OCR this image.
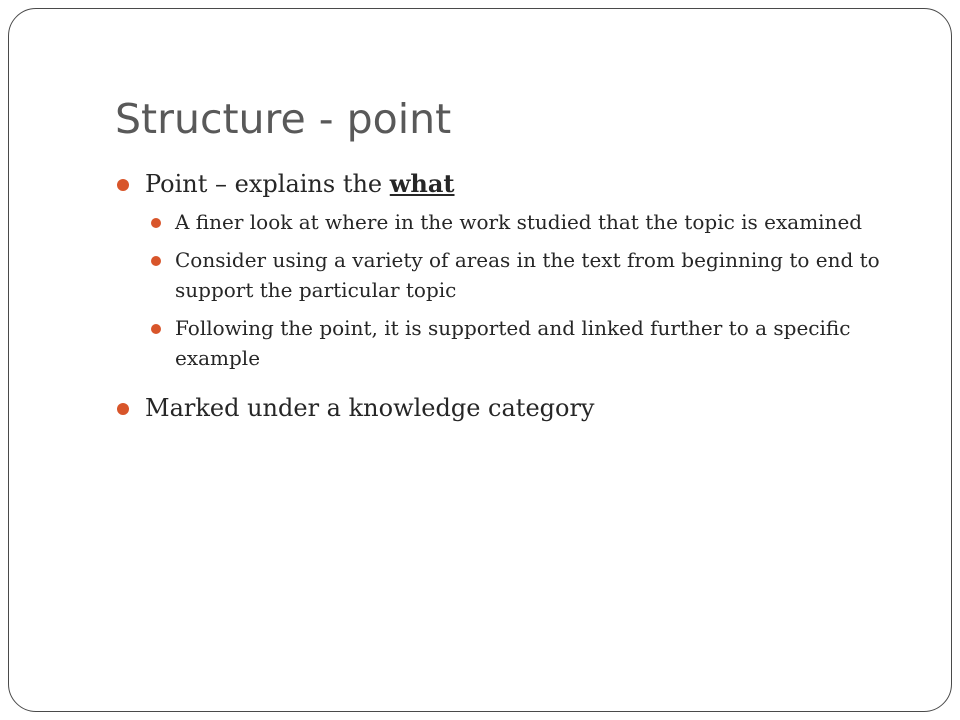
Structure - point
Point – explains the what
A finer look at where in the work studied that the topic is examined
Consider using a variety of areas in the text from beginning to end to support the particular topic
Following the point, it is supported and linked further to a specific example
Marked under a knowledge category
